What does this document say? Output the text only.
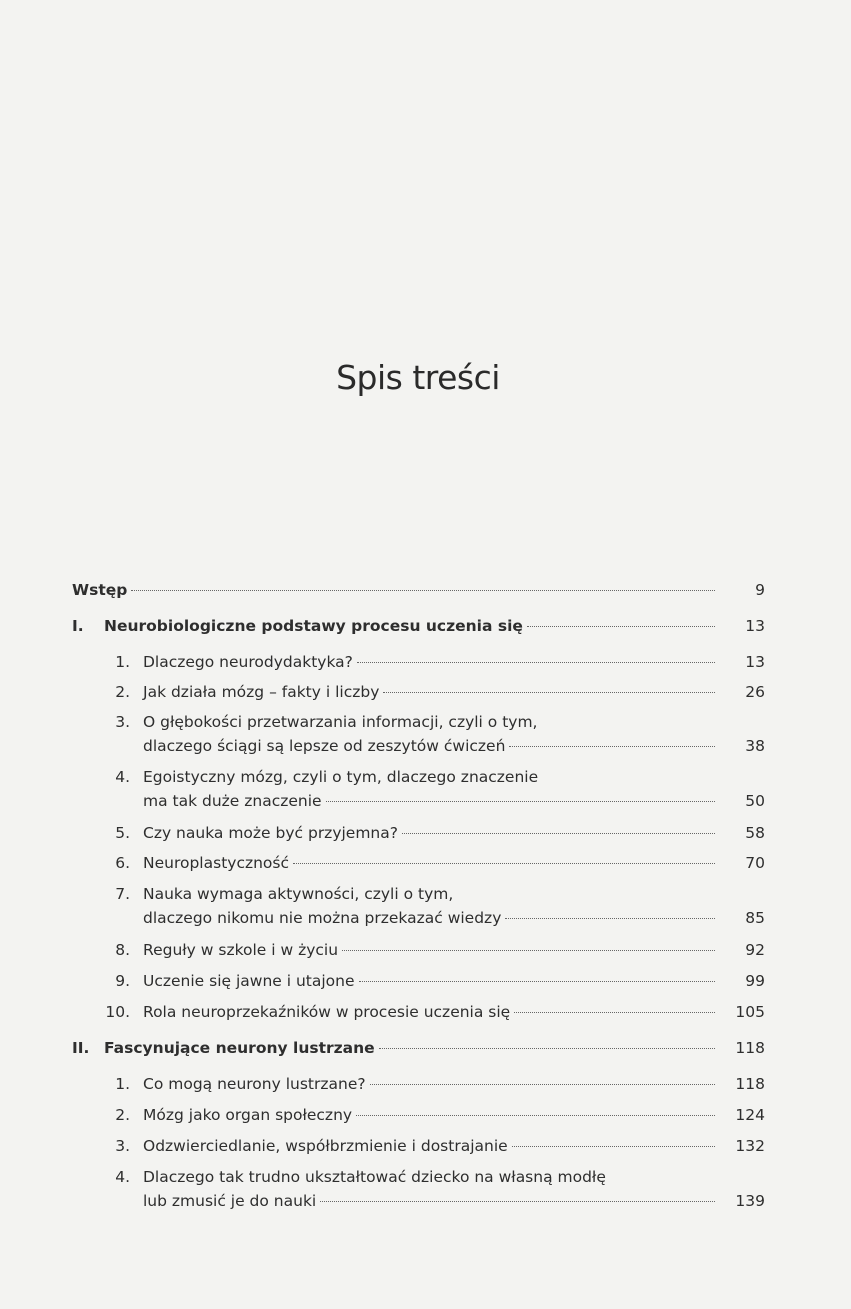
Spis treści
Wstęp	9
I. Neurobiologiczne podstawy procesu uczenia się	13
1. Dlaczego neurodydaktyka?	13
2. Jak działa mózg – fakty i liczby	26
3. O głębokości przetwarzania informacji, czyli o tym,
dlaczego ściągi są lepsze od zeszytów ćwiczeń	38
4. Egoistyczny mózg, czyli o tym, dlaczego znaczenie
ma tak duże znaczenie	50
5. Czy nauka może być przyjemna?	58
6. Neuroplastyczność	70
7. Nauka wymaga aktywności, czyli o tym,
dlaczego nikomu nie można przekazać wiedzy	85
8. Reguły w szkole i w życiu	92
9. Uczenie się jawne i utajone	99
10. Rola neuroprzekaźników w procesie uczenia się	105
II. Fascynujące neurony lustrzane	118
1. Co mogą neurony lustrzane?	118
2. Mózg jako organ społeczny	124
3. Odzwierciedlanie, współbrzmienie i dostrajanie	132
4. Dlaczego tak trudno ukształtować dziecko na własną modłę
lub zmusić je do nauki	139
